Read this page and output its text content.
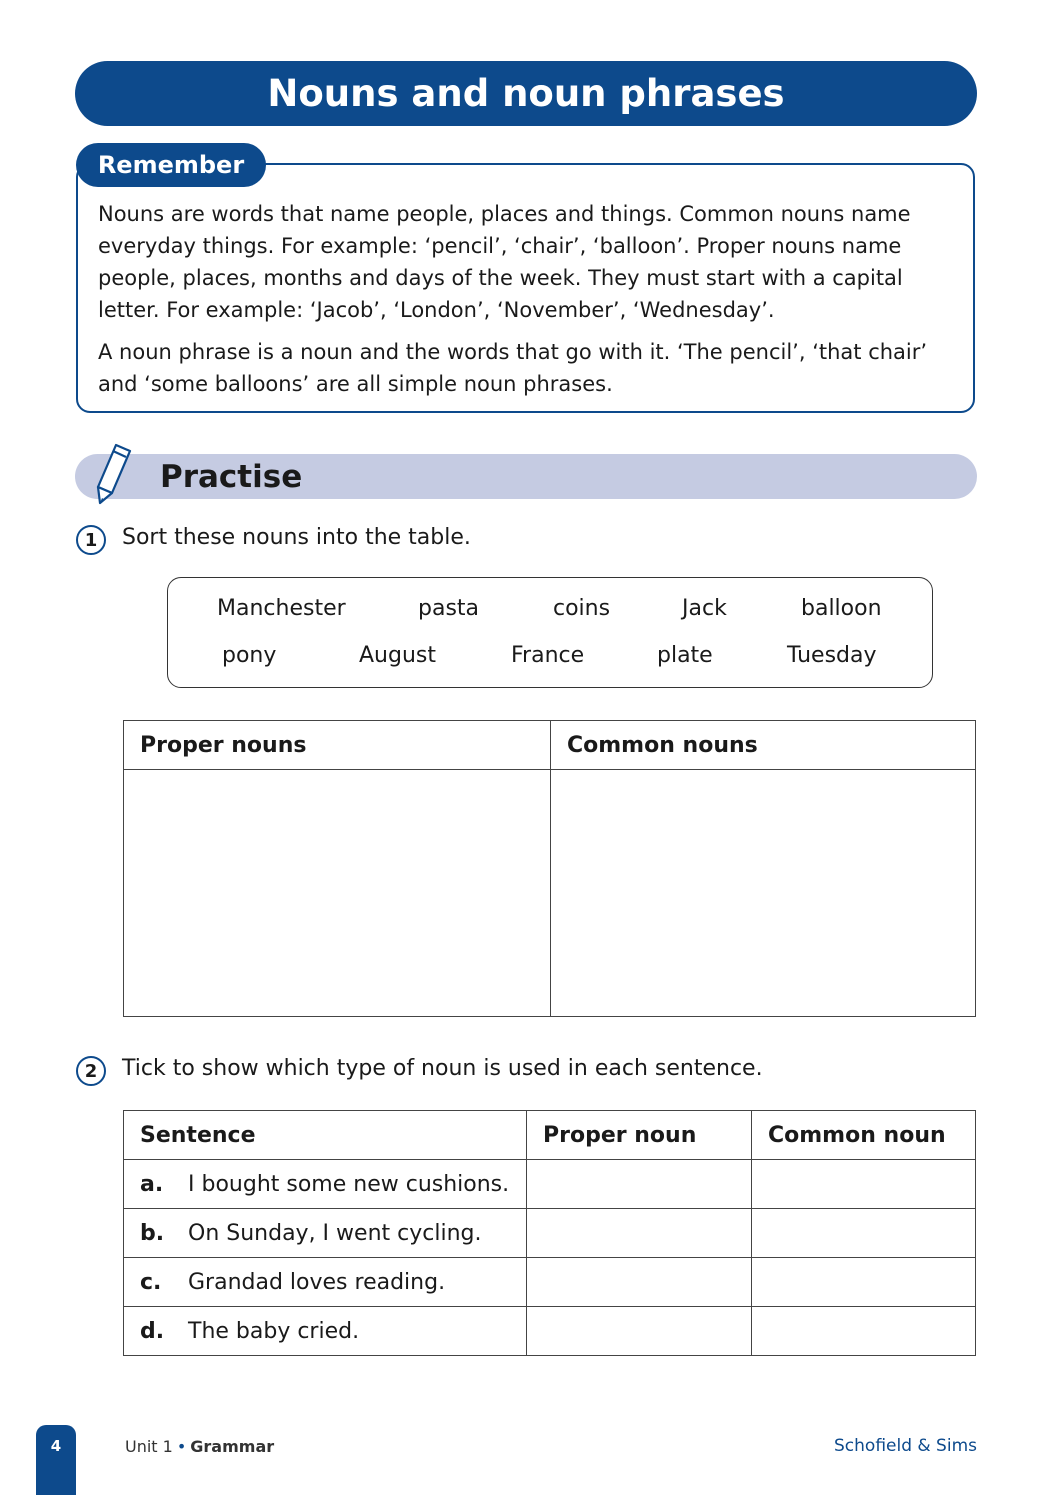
Nouns and noun phrases
Remember

Nouns are words that name people, places and things. Common nouns name everyday things. For example: ‘pencil’, ‘chair’, ‘balloon’. Proper nouns name people, places, months and days of the week. They must start with a capital letter. For example: ‘Jacob’, ‘London’, ‘November’, ‘Wednesday’.

A noun phrase is a noun and the words that go with it. ‘The pencil’, ‘that chair’ and ‘some balloons’ are all simple noun phrases.

Practise
1	Sort these nouns into the table.
Manchester	pasta	coins	Jack	balloon
pony	August	France	plate	Tuesday
Proper nouns	Common nouns

2	Tick to show which type of noun is used in each sentence.
Sentence	Proper noun	Common noun
a. I bought some new cushions.		
b. On Sunday, I went cycling.		
c. Grandad loves reading.		
d. The baby cried.		
4	Unit 1 • Grammar	Schofield & Sims
